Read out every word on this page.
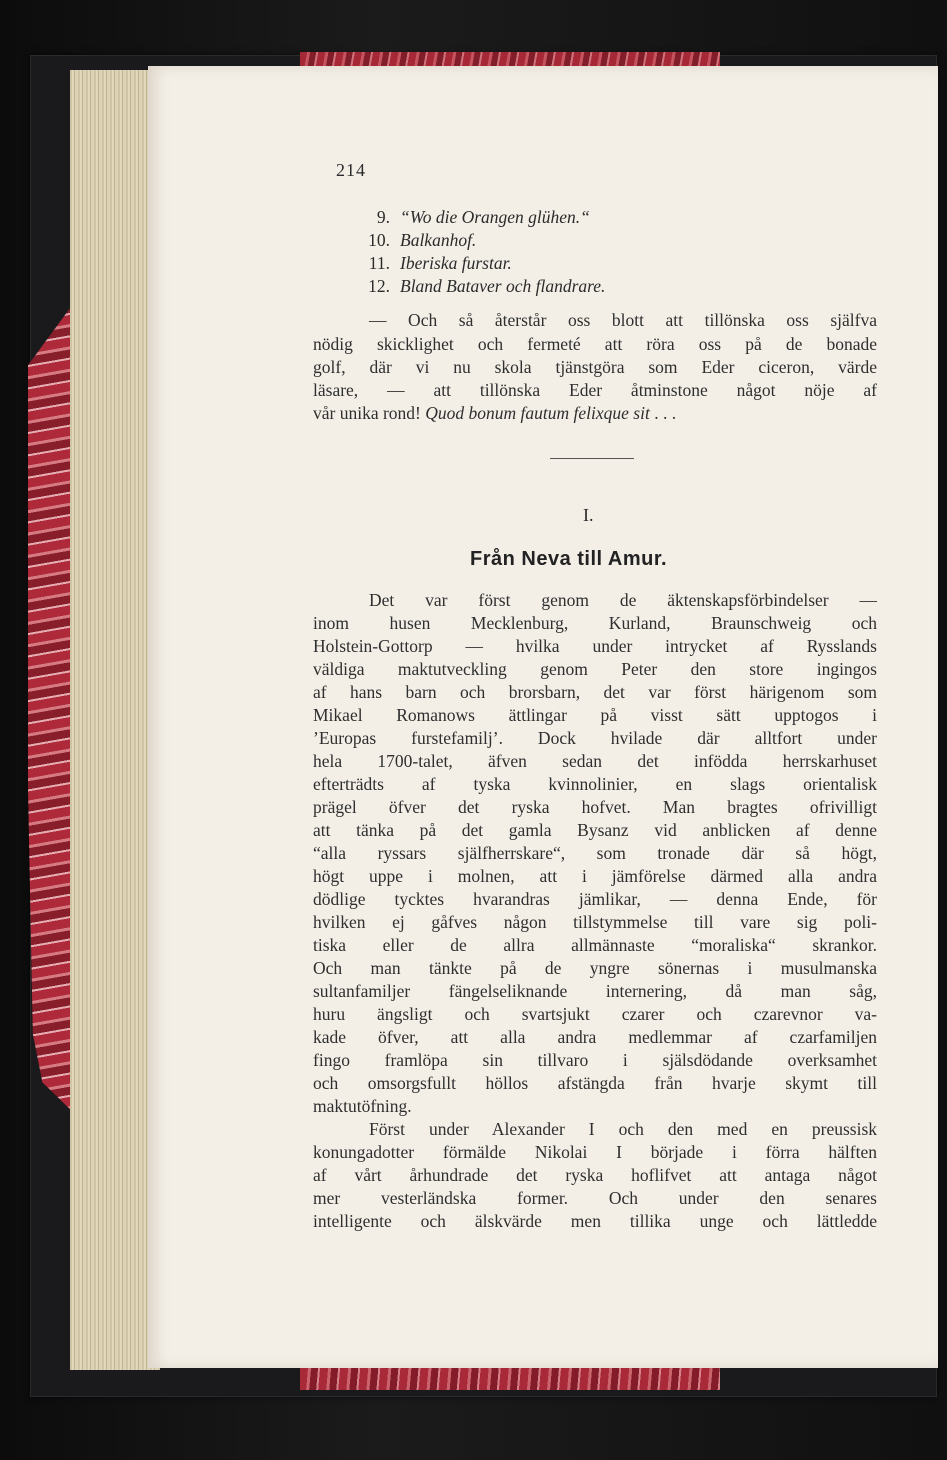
214
9. “Wo die Orangen glühen.“
10. Balkanhof.
11. Iberiska furstar.
12. Bland Bataver och flandrare.
— Och så återstår oss blott att tillönska oss själfva
nödig skicklighet och fermeté att röra oss på de bonade
golf, där vi nu skola tjänstgöra som Eder ciceron, värde
läsare, — att tillönska Eder åtminstone något nöje af
vår unika rond! Quod bonum fautum felixque sit . . .
I.
Från Neva till Amur.
Det var först genom de äktenskapsförbindelser —
inom husen Mecklenburg, Kurland, Braunschweig och
Holstein-Gottorp — hvilka under intrycket af Rysslands
väldiga maktutveckling genom Peter den store ingingos
af hans barn och brorsbarn, det var först härigenom som
Mikael Romanows ättlingar på visst sätt upptogos i
’Europas furstefamilj’. Dock hvilade där alltfort under
hela 1700-talet, äfven sedan det infödda herrskarhuset
efterträdts af tyska kvinnolinier, en slags orientalisk
prägel öfver det ryska hofvet. Man bragtes ofrivilligt
att tänka på det gamla Bysanz vid anblicken af denne
“alla ryssars själfherrskare“, som tronade där så högt,
högt uppe i molnen, att i jämförelse därmed alla andra
dödlige tycktes hvarandras jämlikar, — denna Ende, för
hvilken ej gåfves någon tillstymmelse till vare sig poli-
tiska eller de allra allmännaste “moraliska“ skrankor.
Och man tänkte på de yngre sönernas i musulmanska
sultanfamiljer fängelseliknande internering, då man såg,
huru ängsligt och svartsjukt czarer och czarevnor va-
kade öfver, att alla andra medlemmar af czarfamiljen
fingo framlöpa sin tillvaro i själsdödande overksamhet
och omsorgsfullt höllos afstängda från hvarje skymt till
maktutöfning.
Först under Alexander I och den med en preussisk
konungadotter förmälde Nikolai I började i förra hälften
af vårt århundrade det ryska hoflifvet att antaga något
mer vesterländska former. Och under den senares
intelligente och älskvärde men tillika unge och lättledde
